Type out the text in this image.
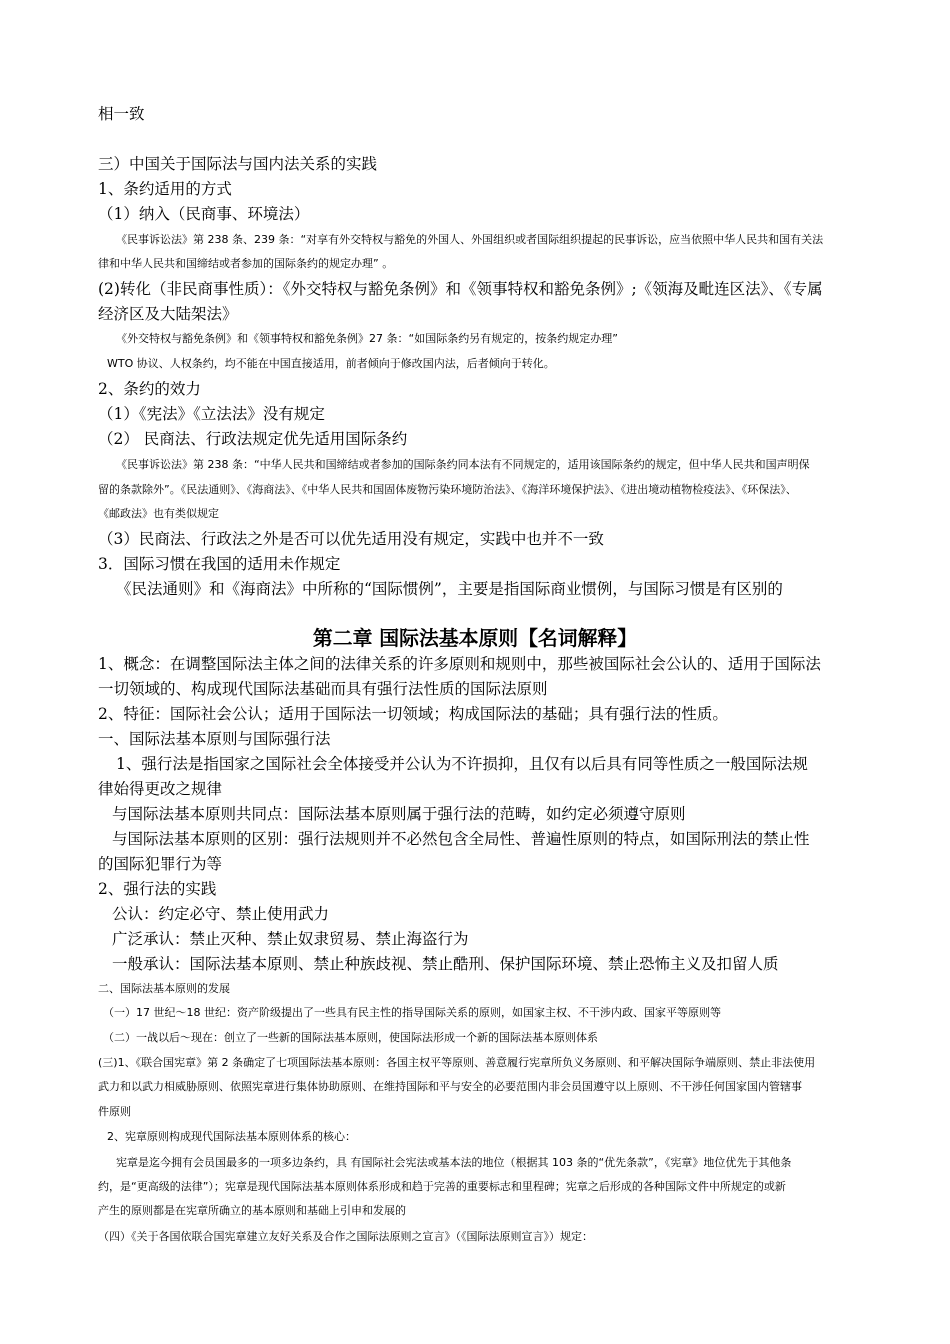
相一致
三）中国关于国际法与国内法关系的实践
1、条约适用的方式
（1）纳入（民商事、环境法）
《民事诉讼法》第 238 条、239 条：“对享有外交特权与豁免的外国人、外国组织或者国际组织提起的民事诉讼，应当依照中华人民共和国有关法
律和中华人民共和国缔结或者参加的国际条约的规定办理” 。
(2)转化（非民商事性质）：《外交特权与豁免条例》和《领事特权和豁免条例》;《领海及毗连区法》、《专属
经济区及大陆架法》
《外交特权与豁免条例》和《领事特权和豁免条例》27 条：“如国际条约另有规定的，按条约规定办理”
WTO 协议、人权条约，均不能在中国直接适用，前者倾向于修改国内法，后者倾向于转化。
2、条约的效力
（1）《宪法》《立法法》没有规定
（2） 民商法、行政法规定优先适用国际条约
《民事诉讼法》第 238 条：“中华人民共和国缔结或者参加的国际条约同本法有不同规定的，适用该国际条约的规定，但中华人民共和国声明保
留的条款除外”。《民法通则》、《海商法》、《中华人民共和国固体废物污染环境防治法》、《海洋环境保护法》、《进出境动植物检疫法》、《环保法》、
《邮政法》也有类似规定
（3）民商法、行政法之外是否可以优先适用没有规定，实践中也并不一致
3．国际习惯在我国的适用未作规定
《民法通则》和《海商法》中所称的“国际惯例”，主要是指国际商业惯例，与国际习惯是有区别的
第二章 国际法基本原则【名词解释】
1、概念：在调整国际法主体之间的法律关系的许多原则和规则中，那些被国际社会公认的、适用于国际法
一切领域的、构成现代国际法基础而具有强行法性质的国际法原则
2、特征：国际社会公认；适用于国际法一切领域；构成国际法的基础；具有强行法的性质。
一、国际法基本原则与国际强行法
1、强行法是指国家之国际社会全体接受并公认为不许损抑，且仅有以后具有同等性质之一般国际法规
律始得更改之规律
与国际法基本原则共同点：国际法基本原则属于强行法的范畴，如约定必须遵守原则
与国际法基本原则的区别：强行法规则并不必然包含全局性、普遍性原则的特点，如国际刑法的禁止性
的国际犯罪行为等
2、强行法的实践
公认：约定必守、禁止使用武力
广泛承认：禁止灭种、禁止奴隶贸易、禁止海盗行为
一般承认：国际法基本原则、禁止种族歧视、禁止酷刑、保护国际环境、禁止恐怖主义及扣留人质
二、国际法基本原则的发展
（一）17 世纪～18 世纪：资产阶级提出了一些具有民主性的指导国际关系的原则，如国家主权、不干涉内政、国家平等原则等
（二）一战以后～现在：创立了一些新的国际法基本原则，使国际法形成一个新的国际法基本原则体系
(三)1、《联合国宪章》第 2 条确定了七项国际法基本原则：各国主权平等原则、善意履行宪章所负义务原则、和平解决国际争端原则、禁止非法使用
武力和以武力相威胁原则、依照宪章进行集体协助原则、在维持国际和平与安全的必要范围内非会员国遵守以上原则、不干涉任何国家国内管辖事
件原则
2、宪章原则构成现代国际法基本原则体系的核心：
宪章是迄今拥有会员国最多的一项多边条约，具 有国际社会宪法或基本法的地位（根据其 103 条的“优先条款”，《宪章》地位优先于其他条
约，是“更高级的法律”）；宪章是现代国际法基本原则体系形成和趋于完善的重要标志和里程碑；宪章之后形成的各种国际文件中所规定的或新
产生的原则都是在宪章所确立的基本原则和基础上引申和发展的
（四）《关于各国依联合国宪章建立友好关系及合作之国际法原则之宣言》（《国际法原则宣言》）规定：
